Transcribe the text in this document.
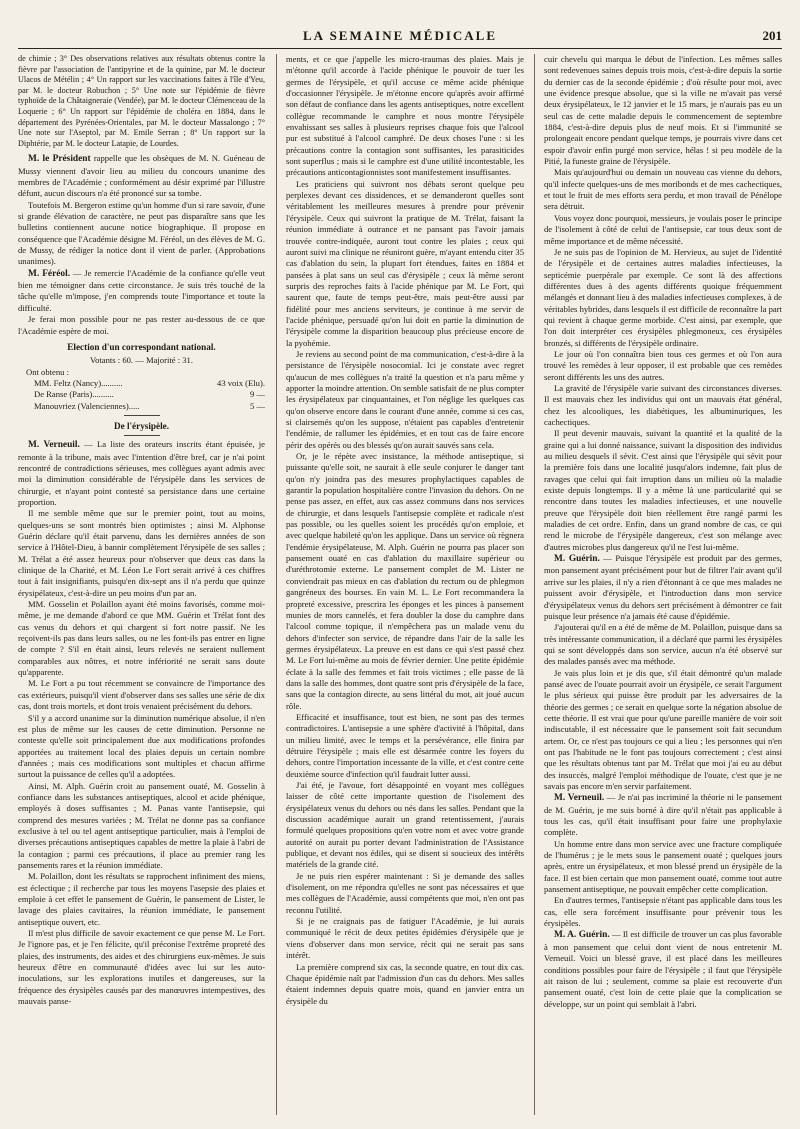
LA SEMAINE MÉDICALE	201

de chimie ; 3° Des observations relatives aux résultats obtenus contre la fièvre par l'association de l'antipyrine et de la quinine, par M. le docteur Ulacos de Métélin ; 4° Un rapport sur les vaccinations faites à l'île d'Yeu, par M. le docteur Robuchon ; 5° Une note sur l'épidémie de fièvre typhoïde de la Châtaigneraie (Vendée), par M. le docteur Clémenceau de la Loquerie ; 6° Un rapport sur l'épidémie de choléra en 1884, dans le département des Pyrénées-Orientales, par M. le docteur Massalongo ; 7° Une note sur l'Aseptol, par M. Emile Serran ; 8° Un rapport sur la Diphtérie, par M. le docteur Latapie, de Lourdes.

M. le Président rappelle que les obsèques de M. N. Guéneau de Mussy viennent d'avoir lieu au milieu du concours unanime des membres de l'Académie ; conformément au désir exprimé par l'illustre défunt, aucun discours n'a été prononcé sur sa tombe.

Toutefois M. Bergeron estime qu'un homme d'un si rare savoir, d'une si grande élévation de caractère, ne peut pas disparaître sans que les bulletins contiennent aucune notice biographique. Il propose en conséquence que l'Académie désigne M. Féréol, un des élèves de M. G. de Mussy, de rédiger la notice dont il vient de parler. (Approbations unanimes).

M. Féréol. — Je remercie l'Académie de la confiance qu'elle veut bien me témoigner dans cette circonstance. Je suis très touché de la tâche qu'elle m'impose, j'en comprends toute l'importance et toute la difficulté.

Je ferai mon possible pour ne pas rester au-dessous de ce que l'Académie espère de moi.

Election d'un correspondant national.
Votants : 60. — Majorité : 31.
Ont obtenu :
MM. Feltz (Nancy)..........	43 voix (Elu).
De Ranse (Paris)..........	9 —
Manouvriez (Valenciennes).....	5 —
De l'érysipèle.

M. Verneuil. — La liste des orateurs inscrits étant épuisée, je remonte à la tribune, mais avec l'intention d'être bref, car je n'ai point rencontré de contradictions sérieuses, mes collègues ayant admis avec moi la diminution considérable de l'érysipèle dans les services de chirurgie, et n'ayant point contesté sa persistance dans une certaine proportion.

Il me semble même que sur le premier point, tout au moins, quelques-uns se sont montrés bien optimistes ; ainsi M. Alphonse Guérin déclare qu'il était parvenu, dans les dernières années de son service à l'Hôtel-Dieu, à bannir complètement l'érysipèle de ses salles ; M. Trélat a été assez heureux pour n'observer que deux cas dans la clinique de la Charité, et M. Léon Le Fort serait arrivé à ces chiffres tout à fait insignifiants, puisqu'en dix-sept ans il n'a perdu que quinze érysipélateux, c'est-à-dire un peu moins d'un par an.

MM. Gosselin et Polaillon ayant été moins favorisés, comme moi-même, je me demande d'abord ce que MM. Guérin et Trélat font des cas venus du dehors et qui chargent si fort notre passif. Ne les reçoivent-ils pas dans leurs salles, ou ne les font-ils pas entrer en ligne de compte ? S'il en était ainsi, leurs relevés ne seraient nullement comparables aux nôtres, et notre infériorité ne serait sans doute qu'apparente.

M. Le Fort a pu tout récemment se convaincre de l'importance des cas extérieurs, puisqu'il vient d'observer dans ses salles une série de dix cas, dont trois mortels, et dont trois venaient précisément du dehors.

S'il y a accord unanime sur la diminution numérique absolue, il n'en est plus de même sur les causes de cette diminution. Personne ne conteste qu'elle soit principalement due aux modifications profondes apportées au traitement local des plaies depuis un certain nombre d'années ; mais ces modifications sont multiples et chacun affirme surtout la puissance de celles qu'il a adoptées.

Ainsi, M. Alph. Guérin croit au pansement ouaté, M. Gosselin à confiance dans les substances antiseptiques, alcool et acide phénique, employés à doses suffisantes ; M. Panas vante l'antisepsie, qui comprend des mesures variées ; M. Trélat ne donne pas sa confiance exclusive à tel ou tel agent antiseptique particulier, mais à l'emploi de diverses précautions antiseptiques capables de mettre la plaie à l'abri de la contagion ; parmi ces précautions, il place au premier rang les pansements rares et la réunion immédiate.

M. Polaillon, dont les résultats se rapprochent infiniment des miens, est éclectique ; il recherche par tous les moyens l'asepsie des plaies et emploie à cet effet le pansement de Guérin, le pansement de Lister, le lavage des plaies cavitaires, la réunion immédiate, le pansement antiseptique ouvert, etc.

Il m'est plus difficile de savoir exactement ce que pense M. Le Fort. Je l'ignore pas, et je l'en félicite, qu'il préconise l'extrême propreté des plaies, des instruments, des aides et des chirurgiens eux-mêmes. Je suis heureux d'être en communauté d'idées avec lui sur les auto-inoculations, sur les explorations inutiles et dangereuses, sur la fréquence des érysipèles causés par des manœuvres intempestives, des mauvais panse-

ments, et ce que j'appelle les micro-traumas des plaies. Mais je m'étonne qu'il accorde à l'acide phénique le pouvoir de tuer les germes de l'érysipèle, et qu'il accuse ce même acide phénique d'occasionner l'érysipèle. Je m'étonne encore qu'après avoir affirmé son défaut de confiance dans les agents antiseptiques, notre excellent collègue recommande le camphre et nous montre l'érysipèle envahissant ses salles à plusieurs reprises chaque fois que l'alcool pur est substitué à l'alcool camphré. De deux choses l'une : si les précautions contre la contagion sont suffisantes, les parasiticides sont superflus ; mais si le camphre est d'une utilité incontestable, les précautions anticontagionnistes sont manifestement insuffisantes.

Les praticiens qui suivront nos débats seront quelque peu perplexes devant ces dissidences, et se demanderont quelles sont véritablement les meilleures mesures à prendre pour prévenir l'érysipèle. Ceux qui suivront la pratique de M. Trélat, faisant la réunion immédiate à outrance et ne pansant pas l'avoir jamais trouvée contre-indiquée, auront tout contre les plaies ; ceux qui auront suivi ma clinique ne réuniront guère, m'ayant entendu citer 35 cas d'ablation du sein, la plupart fort étendues, faites en 1884 et pansées à plat sans un seul cas d'érysipèle ; ceux là même seront surpris des reproches faits à l'acide phénique par M. Le Fort, qui saurent que, faute de temps peut-être, mais peut-être aussi par fidélité pour mes anciens serviteurs, je continue à me servir de l'acide phénique, persuadé qu'on lui doit en partie la diminution de l'érysipèle comme la disparition beaucoup plus précieuse encore de la pyohémie.

Je reviens au second point de ma communication, c'est-à-dire à la persistance de l'érysipèle nosocomial. Ici je constate avec regret qu'aucun de mes collègues n'a traité la question et n'a paru même y apporter la moindre attention. On semble satisfait de ne plus compter les érysipélateux par cinquantaines, et l'on néglige les quelques cas qu'on observe encore dans le courant d'une année, comme si ces cas, si clairsemés qu'on les suppose, n'étaient pas capables d'entretenir l'endémie, de rallumer les épidémies, et en tout cas de faire encore périr des opérés ou des blessés qu'on aurait sauvés sans cela.

Or, je le répète avec insistance, la méthode antiseptique, si puissante qu'elle soit, ne saurait à elle seule conjurer le danger tant qu'on n'y joindra pas des mesures prophylactiques capables de garantir la population hospitalière contre l'invasion du dehors. On ne pense pas assez, en effet, aux cas assez communs dans nos services de chirurgie, et dans lesquels l'antisepsie complète et radicale n'est pas possible, ou les quelles soient les procédés qu'on emploie, et avec quelque habileté qu'on les applique. Dans un service où règnera l'endémie érysipélateuse, M. Alph. Guérin ne pourra pas placer son pansement ouaté en cas d'ablation du maxillaire supérieur ou d'uréthrotomie externe. Le pansement complet de M. Lister ne conviendrait pas mieux en cas d'ablation du rectum ou de phlegmon gangréneux des bourses. En vain M. L. Le Fort recommandera la propreté excessive, prescrira les éponges et les pinces à pansement munies de mors cannelés, et fera doubler la dose du camphre dans l'alcool comme topique, il n'empêchera pas un malade venu du dehors d'infecter son service, de répandre dans l'air de la salle les germes érysipélateux. La preuve en est dans ce qui s'est passé chez M. Le Fort lui-même au mois de février dernier. Une petite épidémie éclate à la salle des femmes et fait trois victimes ; elle passe de là dans la salle des hommes, dont quatre sont pris d'érysipèle de la face, sans que la contagion directe, au sens littéral du mot, ait joué aucun rôle.

Efficacité et insuffisance, tout est bien, ne sont pas des termes contradictoires. L'antisepsie a une sphère d'activité à l'hôpital, dans un milieu limité, avec le temps et la persévérance, elle finira par détruire l'érysipèle ; mais elle est désarmée contre les foyers du dehors, contre l'importation incessante de la ville, et c'est contre cette deuxième source d'infection qu'il faudrait lutter aussi.

J'ai été, je l'avoue, fort désappointé en voyant mes collègues laisser de côté cette importante question de l'isolement des érysipélateux venus du dehors ou nés dans les salles. Pendant que la discussion académique aurait un grand retentissement, j'aurais formulé quelques propositions qu'en votre nom et avec votre grande autorité on aurait pu porter devant l'administration de l'Assistance publique, et devant nos édiles, qui se disent si soucieux des intérêts matériels de la grande cité.

Je ne puis rien espérer maintenant : Si je demande des salles d'isolement, on me répondra qu'elles ne sont pas nécessaires et que mes collègues de l'Académie, aussi compétents que moi, n'en ont pas reconnu l'utilité.

Si je ne craignais pas de fatiguer l'Académie, je lui aurais communiqué le récit de deux petites épidémies d'érysipèle que je viens d'observer dans mon service, récit qui ne serait pas sans intérêt.

La première comprend six cas, la seconde quatre, en tout dix cas. Chaque épidémie naît par l'admission d'un cas du dehors. Mes salles étaient indemnes depuis quatre mois, quand en janvier entra un érysipèle du

cuir chevelu qui marqua le début de l'infection. Les mêmes salles sont redevenues saines depuis trois mois, c'est-à-dire depuis la sortie du dernier cas de la seconde épidémie ; d'où résulte pour moi, avec une évidence presque absolue, que si la ville ne m'avait pas versé deux érysipélateux, le 12 janvier et le 15 mars, je n'aurais pas eu un seul cas de cette maladie depuis le commencement de septembre 1884, c'est-à-dire depuis plus de neuf mois. Et si l'immunité se prolongeait encore pendant quelque temps, je pourrais vivre dans cet espoir d'avoir enfin purgé mon service, hélas ! si peu modèle de la Pitié, la funeste graine de l'érysipèle.

Mais qu'aujourd'hui ou demain un nouveau cas vienne du dehors, qu'il infecte quelques-uns de mes moribonds et de mes cachectiques, et tout le fruit de mes efforts sera perdu, et mon travail de Pénélope sera détruit.

Vous voyez donc pourquoi, messieurs, je voulais poser le principe de l'isolement à côté de celui de l'antisepsie, car tous deux sont de même importance et de même nécessité.

Je ne suis pas de l'opinion de M. Hervieux, au sujet de l'identité de l'érysipèle et de certaines autres maladies infectieuses, la septicémie puerpérale par exemple. Ce sont là des affections différentes dues à des agents différents quoique fréquemment mélangés et donnant lieu à des maladies infectieuses complexes, à de véritables hybrides, dans lesquels il est difficile de reconnaître la part qui revient à chaque germe morbide. C'est ainsi, par exemple, que l'on doit interpréter ces érysipèles phlegmoneux, ces érysipèles bronzés, si différents de l'érysipèle ordinaire.

Le jour où l'on connaîtra bien tous ces germes et où l'on aura trouvé les remèdes à leur opposer, il est probable que ces remèdes seront différents les uns des autres.

La gravité de l'érysipèle varie suivant des circonstances diverses. Il est mauvais chez les individus qui ont un mauvais état général, chez les alcooliques, les diabétiques, les albuminuriques, les cachectiques.

Il peut devenir mauvais, suivant la quantité et la qualité de la graine qui a lui donné naissance, suivant la disposition des individus au milieu desquels il sévit. C'est ainsi que l'érysipèle qui sévit pour la première fois dans une localité jusqu'alors indemne, fait plus de ravages que celui qui fait irruption dans un milieu où la maladie existe depuis longtemps. Il y a même là une particularité qui se rencontre dans toutes les maladies infectieuses, et une nouvelle preuve que l'érysipèle doit bien réellement être rangé parmi les maladies de cet ordre. Enfin, dans un grand nombre de cas, ce qui rend le microbe de l'érysipèle dangereux, c'est son mélange avec d'autres microbes plus dangereux qu'il ne l'est lui-même.

M. Guérin. — Puisque l'érysipèle est produit par des germes, mon pansement ayant précisément pour but de filtrer l'air avant qu'il arrive sur les plaies, il n'y a rien d'étonnant à ce que mes malades ne puissent avoir d'érysipèle, et l'introduction dans mon service d'érysipélateux venus du dehors sert précisément à démontrer ce fait puisque leur présence n'a jamais été cause d'épidémie.

J'ajouterai qu'il en a été de même de M. Polaillon, puisque dans sa très intéressante communication, il a déclaré que parmi les érysipèles qui se sont développés dans son service, aucun n'a été observé sur des malades pansés avec ma méthode.

Je vais plus loin et je dis que, s'il était démontré qu'un malade pansé avec de l'ouate pourrait avoir un érysipèle, ce serait l'argument le plus sérieux qui puisse être produit par les adversaires de la théorie des germes ; ce serait en quelque sorte la négation absolue de cette théorie. Il est vrai que pour qu'une pareille manière de voir soit indiscutable, il est nécessaire que le pansement soit fait secundum artem. Or, ce n'est pas toujours ce qui a lieu ; les personnes qui n'en ont pas l'habitude ne le font pas toujours correctement ; c'est ainsi que les résultats obtenus tant par M. Trélat que moi j'ai eu au début des insuccès, malgré l'emploi méthodique de l'ouate, c'est que je ne savais pas encore m'en servir parfaitement.

M. Verneuil. — Je n'ai pas incriminé la théorie ni le pansement de M. Guérin, je me suis borné à dire qu'il n'était pas applicable à tous les cas, qu'il était insuffisant pour faire une prophylaxie complète.

Un homme entre dans mon service avec une fracture compliquée de l'humérus ; je le mets sous le pansement ouaté ; quelques jours après, entre un érysipélateux, et mon blessé prend un érysipèle de la face. Il est bien certain que mon pansement ouaté, comme tout autre pansement antiseptique, ne pouvait empêcher cette complication.

En d'autres termes, l'antisepsie n'étant pas applicable dans tous les cas, elle sera forcément insuffisante pour prévenir tous les érysipèles.

M. A. Guérin. — Il est difficile de trouver un cas plus favorable à mon pansement que celui dont vient de nous entretenir M. Verneuil. Voici un blessé grave, il est placé dans les meilleures conditions possibles pour faire de l'érysipèle ; il faut que l'érysipèle ait raison de lui ; seulement, comme sa plaie est recouverte d'un pansement ouaté, c'est loin de cette plaie que la complication se développe, sur un point qui semblait à l'abri.
